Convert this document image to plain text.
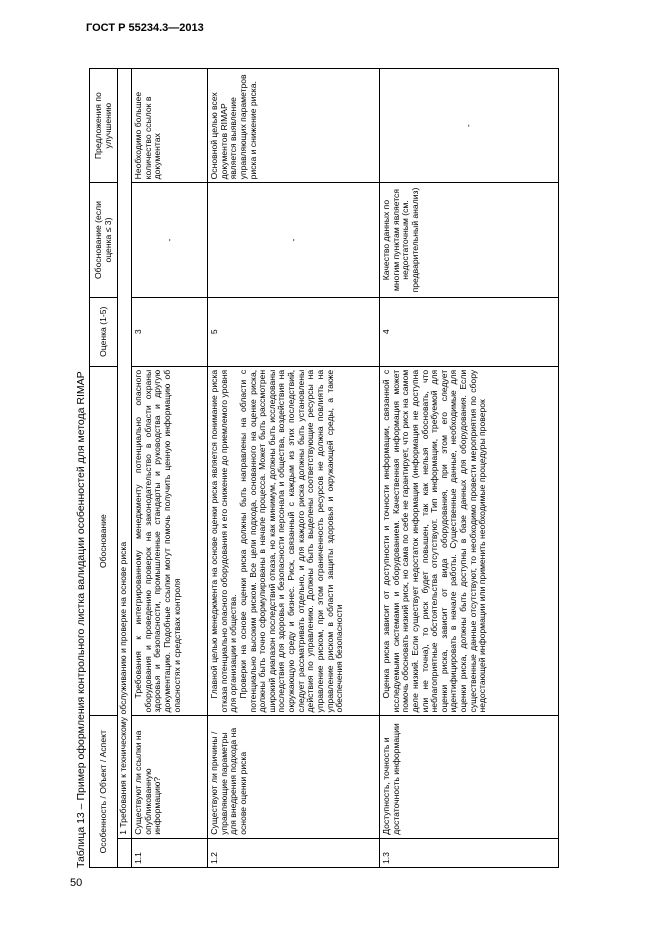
ГОСТ Р 55234.3—2013
Таблица 13 – Пример оформления контрольного листка валидации особенностей для метода RIMAP Особенность / Объект / Аспект		Обоснование	Оценка (1-5)	Обоснование (если оценка ≤ 3)	Предложения по улучшению
	1 Требования к техническому обслуживанию и проверке на основе риска				
1.1	Существуют ли ссылки на опубликованную информацию?	Требования к интегрированному менеджменту потенциально опасного оборудования и проведению проверок на законодательство в области охраны здоровья и безопасности, промышленные стандарты и руководства и другую документацию. Подобные ссылки могут помочь получить ценную информацию об опасностях и средствах контроля	3	-	Необходимо большее количество ссылок в документах
1.2	Существуют ли причины / управляющие параметры для внедрения подхода на основе оценки риска	Главной целью менеджмента на основе оценки риска является понимание риска отказа потенциально опасного оборудования и его снижение до приемлемого уровня для организации и общества. Проверки на основе оценки риска должны быть направлены на области с потенциально высоким риском. Все цели подхода, основанного на оценке риска, должны быть точно сформулированы в начале процесса. Может быть рассмотрен широкий диапазон последствий отказа, но как минимум, должны быть исследованы последствия для здоровья и безопасности персонала и общества, воздействия на окружающую среду и бизнес. Риск, связанный с каждым из этих последствий, следует рассматривать отдельно, и для каждого риска должны быть установлены действия по управлению. Должны быть выделены соответствующие ресурсы на управление риском, при этом ограниченность ресурсов не должна повлиять на управление риском в области защиты здоровья и окружающей среды, а также обеспечения безопасности	5	-	Основной целью всех документов RIMAP является выявление управляющих параметров риска и снижение риска.
1.3	Доступность, точность и достаточность информации	Оценка риска зависит от доступности и точности информации, связанной с исследуемыми системами и оборудованием. Качественная информация может помочь обосновать низкий риск, но сама по себе не гарантирует, что риск на самом деле низкий. Если существует недостаток информации (информация не доступна или не точна), то риск будет повышен, так как нельзя обосновать, что неблагоприятные обстоятельства отсутствуют. Тип информации, требуемой для оценки риска, зависит от вида оборудования, при этом его следует идентифицировать в начале работы. Существенные данные, необходимые для оценки риска, должны быть доступны в базе данных для оборудования. Если существенные данные отсутствуют, то необходимо провести мероприятия по сбору недостающей информации или применить необходимые процедуры проверок	4	Качество данных по многим пунктам является недостаточным (см. предварительный анализ)	-
50
